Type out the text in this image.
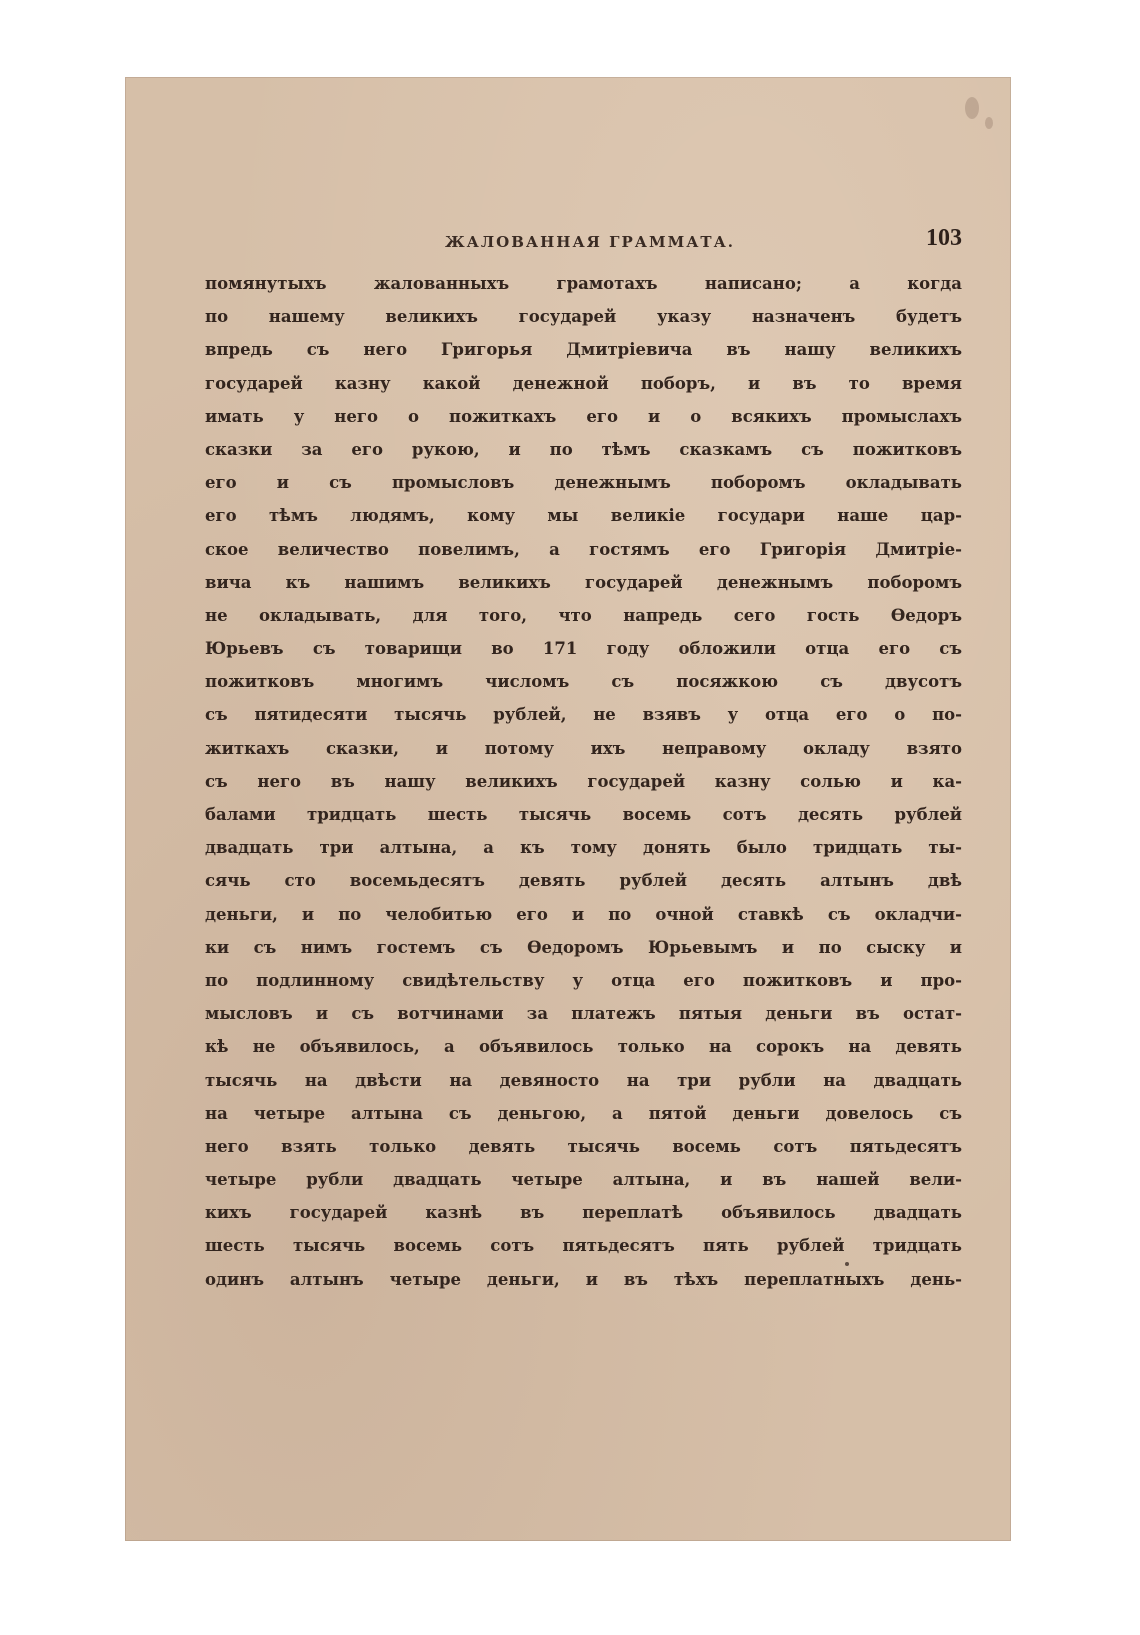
ЖАЛОВАННАЯ ГРАММАТА.	103
помянутыхъ жалованныхъ грамотахъ написано; а когда
по нашему великихъ государей указу назначенъ будетъ
впредь съ него Григорья Дмитріевича въ нашу великихъ
государей казну какой денежной поборъ, и въ то время
имать у него о пожиткахъ его и о всякихъ промыслахъ
сказки за его рукою, и по тѣмъ сказкамъ съ пожитковъ
его и съ промысловъ денежнымъ поборомъ окладывать
его тѣмъ людямъ, кому мы великіе государи наше цар-
ское величество повелимъ, а гостямъ его Григорія Дмитріе-
вича къ нашимъ великихъ государей денежнымъ поборомъ
не окладывать, для того, что напредь сего гость Ѳедоръ
Юрьевъ съ товарищи во 171 году обложили отца его съ
пожитковъ многимъ числомъ съ посяжкою съ двусотъ
съ пятидесяти тысячь рублей, не взявъ у отца его о по-
житкахъ сказки, и потому ихъ неправому окладу взято
съ него въ нашу великихъ государей казну солью и ка-
балами тридцать шесть тысячь восемь сотъ десять рублей
двадцать три алтына, а къ тому донять было тридцать ты-
сячь сто восемьдесятъ девять рублей десять алтынъ двѣ
деньги, и по челобитью его и по очной ставкѣ съ окладчи-
ки съ нимъ гостемъ съ Ѳедоромъ Юрьевымъ и по сыску и
по подлинному свидѣтельству у отца его пожитковъ и про-
мысловъ и съ вотчинами за платежъ пятыя деньги въ остат-
кѣ не объявилось, а объявилось только на сорокъ на девять
тысячь на двѣсти на девяносто на три рубли на двадцать
на четыре алтына съ деньгою, а пятой деньги довелось съ
него взять только девять тысячь восемь сотъ пятьдесятъ
четыре рубли двадцать четыре алтына, и въ нашей вели-
кихъ государей казнѣ въ переплатѣ объявилось двадцать
шесть тысячь восемь сотъ пятьдесятъ пять рублей тридцать
одинъ алтынъ четыре деньги, и въ тѣхъ переплатныхъ день-
